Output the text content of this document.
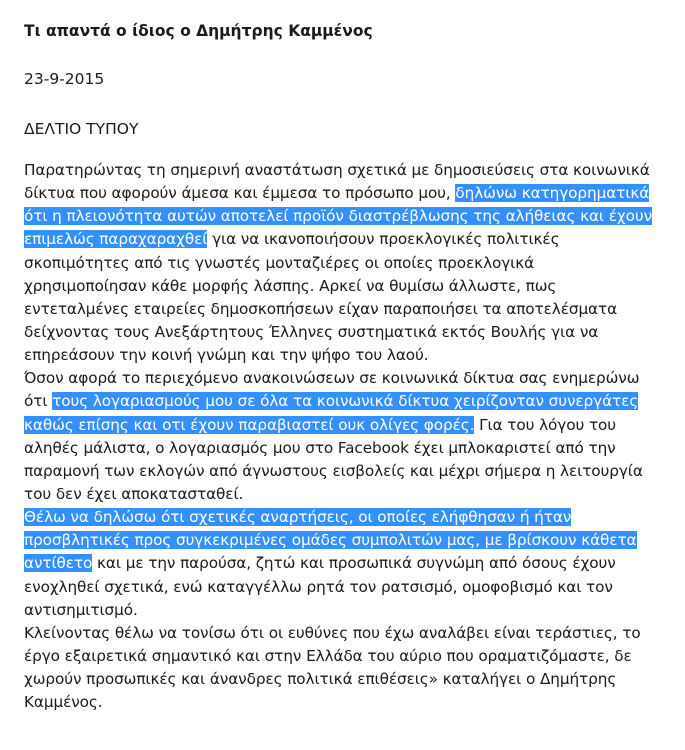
Τι απαντά ο ίδιος ο Δημήτρης Καμμένος
23-9-2015
ΔΕΛΤΙΟ ΤΥΠΟΥ
Παρατηρώντας τη σημερινή αναστάτωση σχετικά με δημοσιεύσεις στα κοινωνικά
δίκτυα που αφορούν άμεσα και έμμεσα το πρόσωπο μου, δηλώνω κατηγορηματικά
ότι η πλειονότητα αυτών αποτελεί προϊόν διαστρέβλωσης της αλήθειας και έχουν
επιμελώς παραχαραχθεί για να ικανοποιήσουν προεκλογικές πολιτικές
σκοπιμότητες από τις γνωστές μονταζιέρες οι οποίες προεκλογικά
χρησιμοποίησαν κάθε μορφής λάσπης. Αρκεί να θυμίσω άλλωστε, πως
εντεταλμένες εταιρείες δημοσκοπήσεων είχαν παραποιήσει τα αποτελέσματα
δείχνοντας τους Ανεξάρτητους Έλληνες συστηματικά εκτός Βουλής για να
επηρεάσουν την κοινή γνώμη και την ψήφο του λαού.
Όσον αφορά το περιεχόμενο ανακοινώσεων σε κοινωνικά δίκτυα σας ενημερώνω
ότι τους λογαριασμούς μου σε όλα τα κοινωνικά δίκτυα χειρίζονταν συνεργάτες
καθώς επίσης και οτι έχουν παραβιαστεί ουκ ολίγες φορές. Για του λόγου του
αληθές μάλιστα, ο λογαριασμός μου στο Facebook έχει μπλοκαριστεί από την
παραμονή των εκλογών από άγνωστους εισβολείς και μέχρι σήμερα η λειτουργία
του δεν έχει αποκατασταθεί.
Θέλω να δηλώσω ότι σχετικές αναρτήσεις, οι οποίες ελήφθησαν ή ήταν
προσβλητικές προς συγκεκριμένες ομάδες συμπολιτών μας, με βρίσκουν κάθετα
αντίθετο και με την παρούσα, ζητώ και προσωπικά συγνώμη από όσους έχουν
ενοχληθεί σχετικά, ενώ καταγγέλλω ρητά τον ρατσισμό, ομοφοβισμό και τον
αντισημιτισμό.
Κλείνοντας θέλω να τονίσω ότι οι ευθύνες που έχω αναλάβει είναι τεράστιες, το
έργο εξαιρετικά σημαντικό και στην Ελλάδα του αύριο που οραματιζόμαστε, δε
χωρούν προσωπικές και άνανδρες πολιτικά επιθέσεις» καταλήγει ο Δημήτρης
Καμμένος.
